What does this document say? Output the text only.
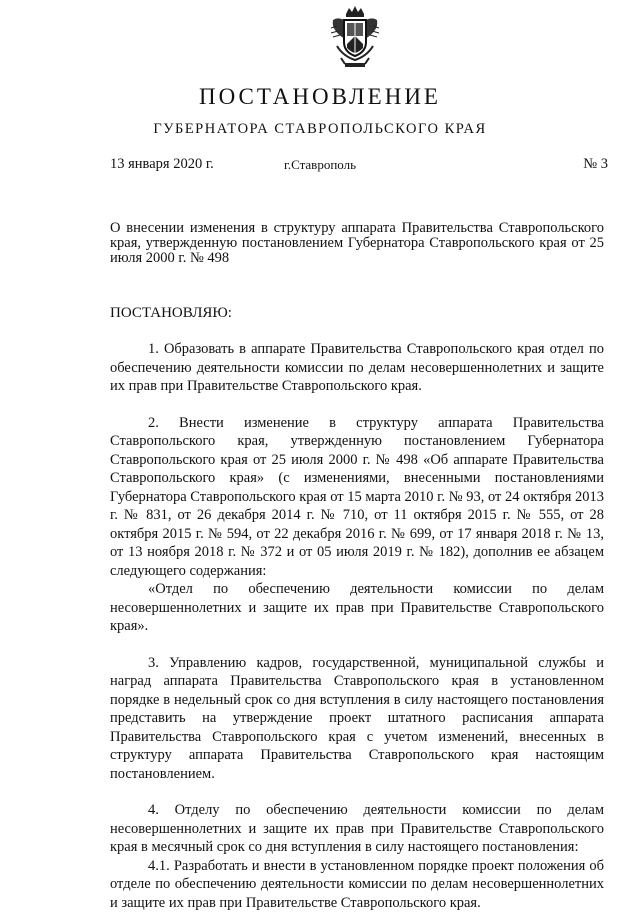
ПОСТАНОВЛЕНИЕ
ГУБЕРНАТОРА СТАВРОПОЛЬСКОГО КРАЯ
13 января 2020 г.	г.Ставрополь	№ 3

О внесении изменения в структуру аппарата Правительства Ставропольского края, утвержденную постановлением Губернатора Ставропольского края от 25 июля 2000 г. № 498

ПОСТАНОВЛЯЮ:

1. Образовать в аппарате Правительства Ставропольского края отдел по обеспечению деятельности комиссии по делам несовершеннолетних и защите их прав при Правительстве Ставропольского края.

2. Внести изменение в структуру аппарата Правительства Ставропольского края, утвержденную постановлением Губернатора Ставропольского края от 25 июля 2000 г. № 498 «Об аппарате Правительства Ставропольского края» (с изменениями, внесенными постановлениями Губернатора Ставропольского края от 15 марта 2010 г. № 93, от 24 октября 2013 г. № 831, от 26 декабря 2014 г. № 710, от 11 октября 2015 г. № 555, от 28 октября 2015 г. № 594, от 22 декабря 2016 г. № 699, от 17 января 2018 г. № 13, от 13 ноября 2018 г. № 372 и от 05 июля 2019 г. № 182), дополнив ее абзацем следующего содержания:

«Отдел по обеспечению деятельности комиссии по делам несовершеннолетних и защите их прав при Правительстве Ставропольского края».

3. Управлению кадров, государственной, муниципальной службы и наград аппарата Правительства Ставропольского края в установленном порядке в недельный срок со дня вступления в силу настоящего постановления представить на утверждение проект штатного расписания аппарата Правительства Ставропольского края с учетом изменений, внесенных в структуру аппарата Правительства Ставропольского края настоящим постановлением.

4. Отделу по обеспечению деятельности комиссии по делам несовершеннолетних и защите их прав при Правительстве Ставропольского края в месячный срок со дня вступления в силу настоящего постановления:

4.1. Разработать и внести в установленном порядке проект положения об отделе по обеспечению деятельности комиссии по делам несовершеннолетних и защите их прав при Правительстве Ставропольского края.
